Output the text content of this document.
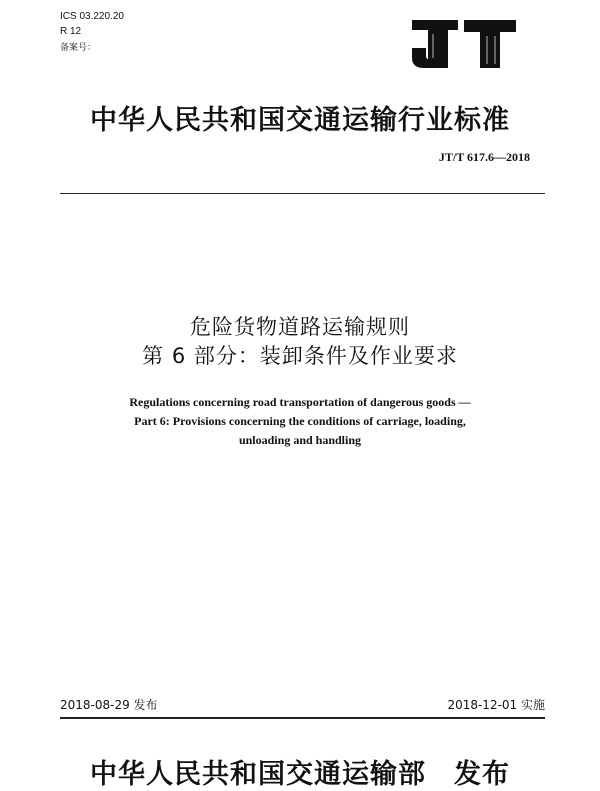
ICS 03.220.20
R 12
备案号：
中华人民共和国交通运输行业标准
JT/T 617.6—2018
危险货物道路运输规则
第 6 部分：装卸条件及作业要求
Regulations concerning road transportation of dangerous goods —
Part 6: Provisions concerning the conditions of carriage, loading,
unloading and handling
2018-08-29 发布	2018-12-01 实施
中华人民共和国交通运输部　发布
